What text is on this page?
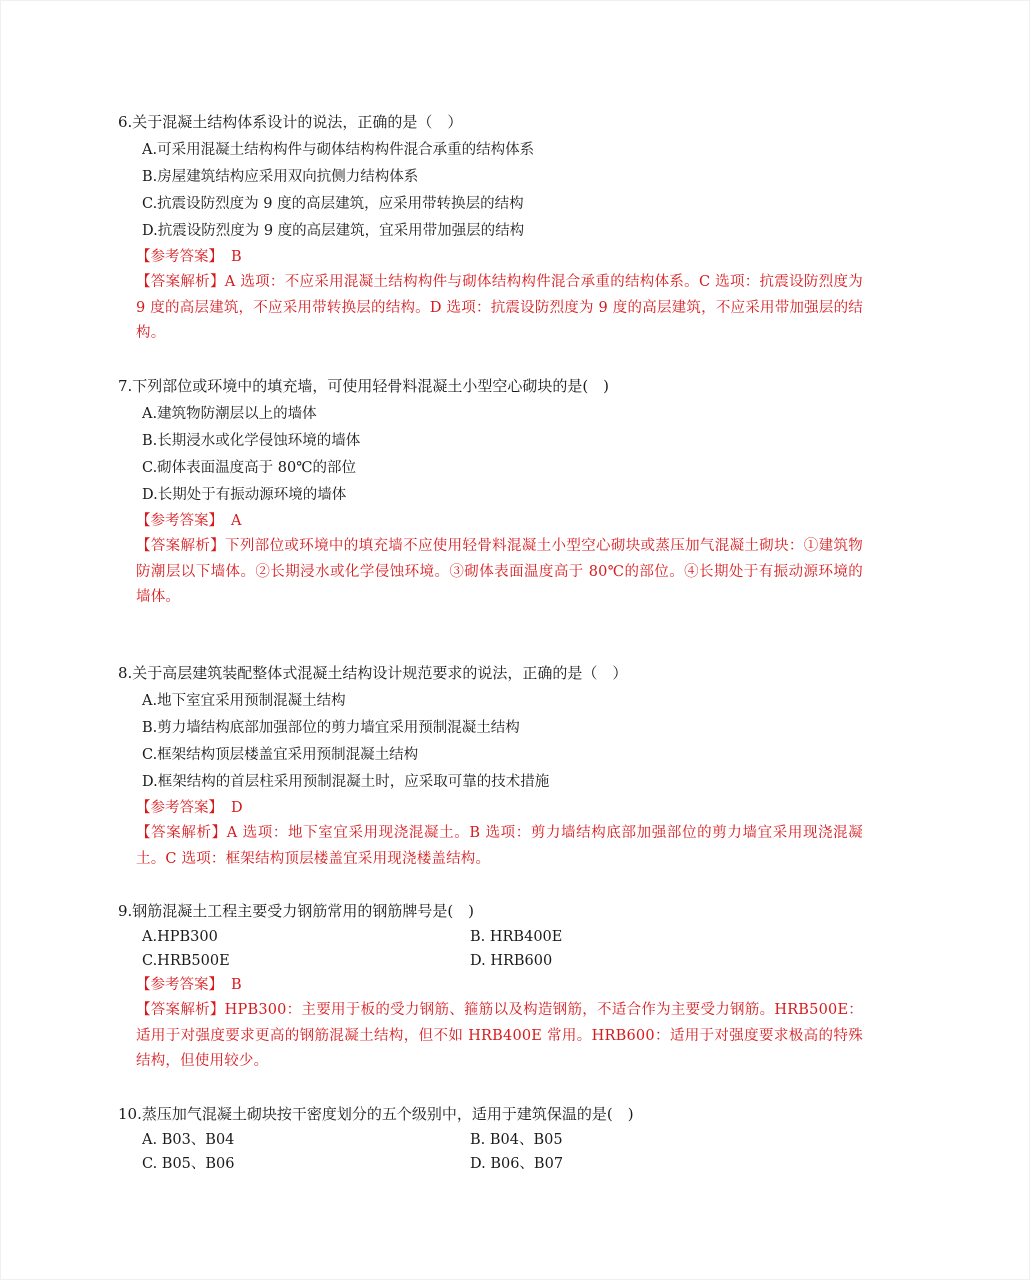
6.关于混凝土结构体系设计的说法，正确的是（　）
A.可采用混凝土结构构件与砌体结构构件混合承重的结构体系
B.房屋建筑结构应采用双向抗侧力结构体系
C.抗震设防烈度为 9 度的高层建筑，应采用带转换层的结构
D.抗震设防烈度为 9 度的高层建筑，宜采用带加强层的结构
【参考答案】 B
【答案解析】A 选项：不应采用混凝土结构构件与砌体结构构件混合承重的结构体系。C 选项：抗震设防烈度为 9 度的高层建筑，不应采用带转换层的结构。D 选项：抗震设防烈度为 9 度的高层建筑，不应采用带加强层的结构。
7.下列部位或环境中的填充墙，可使用轻骨料混凝土小型空心砌块的是(　)
A.建筑物防潮层以上的墙体
B.长期浸水或化学侵蚀环境的墙体
C.砌体表面温度高于 80℃的部位
D.长期处于有振动源环境的墙体
【参考答案】 A
【答案解析】下列部位或环境中的填充墙不应使用轻骨料混凝土小型空心砌块或蒸压加气混凝土砌块：①建筑物防潮层以下墙体。②长期浸水或化学侵蚀环境。③砌体表面温度高于 80℃的部位。④长期处于有振动源环境的墙体。
8.关于高层建筑装配整体式混凝土结构设计规范要求的说法，正确的是（　）
A.地下室宜采用预制混凝土结构
B.剪力墙结构底部加强部位的剪力墙宜采用预制混凝土结构
C.框架结构顶层楼盖宜采用预制混凝土结构
D.框架结构的首层柱采用预制混凝土时，应采取可靠的技术措施
【参考答案】 D
【答案解析】A 选项：地下室宜采用现浇混凝土。B 选项：剪力墙结构底部加强部位的剪力墙宜采用现浇混凝土。C 选项：框架结构顶层楼盖宜采用现浇楼盖结构。
9.钢筋混凝土工程主要受力钢筋常用的钢筋牌号是(　)
A.HPB300	B. HRB400E
C.HRB500E	D. HRB600
【参考答案】 B
【答案解析】HPB300：主要用于板的受力钢筋、箍筋以及构造钢筋，不适合作为主要受力钢筋。HRB500E：适用于对强度要求更高的钢筋混凝土结构，但不如 HRB400E 常用。HRB600：适用于对强度要求极高的特殊结构，但使用较少。
10.蒸压加气混凝土砌块按干密度划分的五个级别中，适用于建筑保温的是(　)
A. B03、B04	B. B04、B05
C. B05、B06	D. B06、B07
